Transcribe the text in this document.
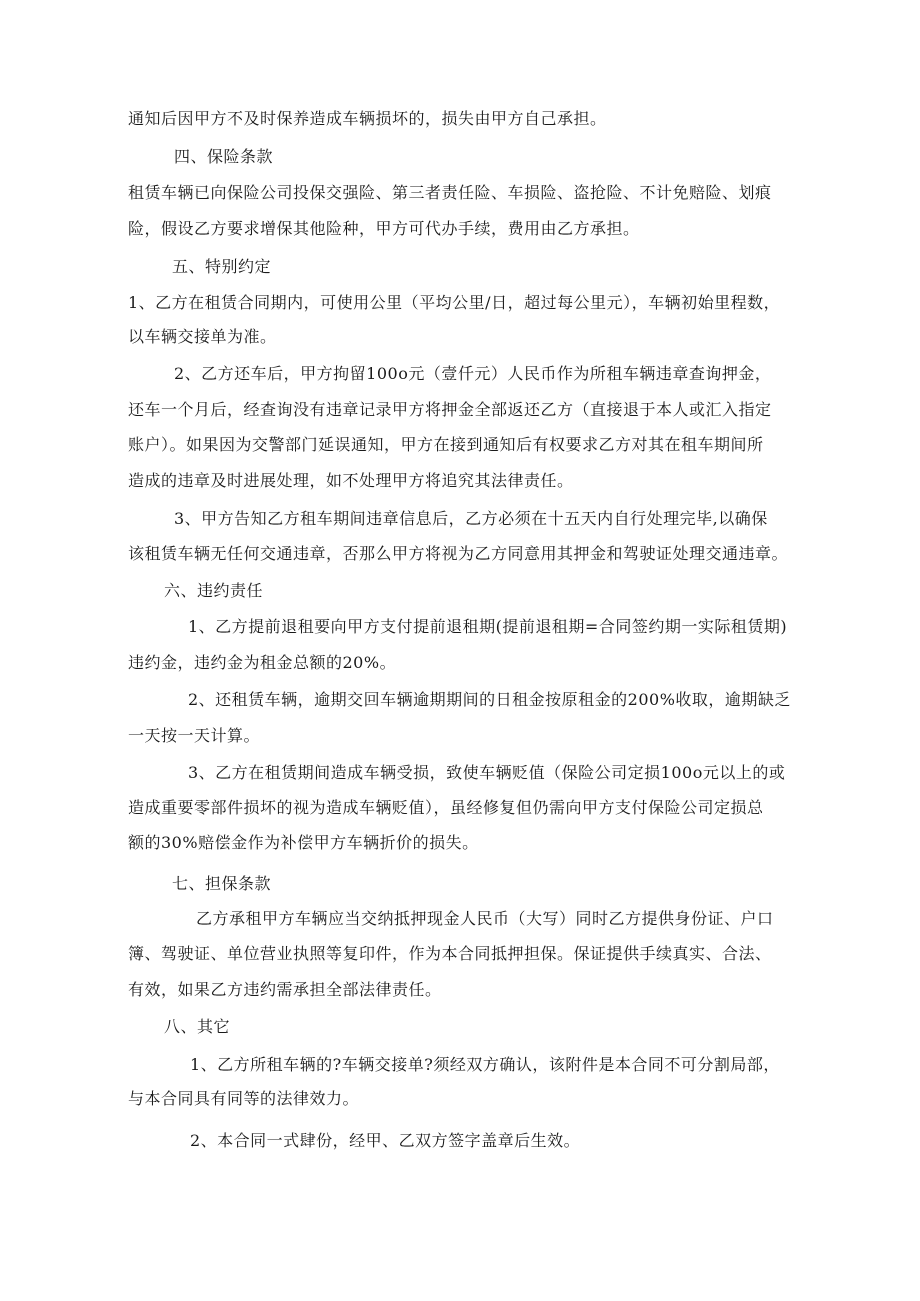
通知后因甲方不及时保养造成车辆损坏的，损失由甲方自己承担。
四、保险条款
租赁车辆已向保险公司投保交强险、第三者责任险、车损险、盗抢险、不计免赔险、划痕
险，假设乙方要求增保其他险种，甲方可代办手续，费用由乙方承担。
五、特别约定
1、乙方在租赁合同期内，可使用公里（平均公里/日，超过每公里元），车辆初始里程数，
以车辆交接单为准。
2、乙方还车后，甲方拘留100o元（壹仟元）人民币作为所租车辆违章查询押金，
还车一个月后，经查询没有违章记录甲方将押金全部返还乙方（直接退于本人或汇入指定
账户）。如果因为交警部门延误通知，甲方在接到通知后有权要求乙方对其在租车期间所
造成的违章及时进展处理，如不处理甲方将追究其法律责任。
3、甲方告知乙方租车期间违章信息后，乙方必须在十五天内自行处理完毕,以确保
该租赁车辆无任何交通违章，否那么甲方将视为乙方同意用其押金和驾驶证处理交通违章。
六、违约责任
1、乙方提前退租要向甲方支付提前退租期(提前退租期=合同签约期一实际租赁期)
违约金，违约金为租金总额的20%。
2、还租赁车辆，逾期交回车辆逾期期间的日租金按原租金的200%收取，逾期缺乏
一天按一天计算。
3、乙方在租赁期间造成车辆受损，致使车辆贬值（保险公司定损100o元以上的或
造成重要零部件损坏的视为造成车辆贬值），虽经修复但仍需向甲方支付保险公司定损总
额的30%赔偿金作为补偿甲方车辆折价的损失。
七、担保条款
乙方承租甲方车辆应当交纳抵押现金人民币（大写）同时乙方提供身份证、户口
簿、驾驶证、单位营业执照等复印件，作为本合同抵押担保。保证提供手续真实、合法、
有效，如果乙方违约需承担全部法律责任。
八、其它
1、乙方所租车辆的?车辆交接单?须经双方确认，该附件是本合同不可分割局部，
与本合同具有同等的法律效力。
2、本合同一式肆份，经甲、乙双方签字盖章后生效。
